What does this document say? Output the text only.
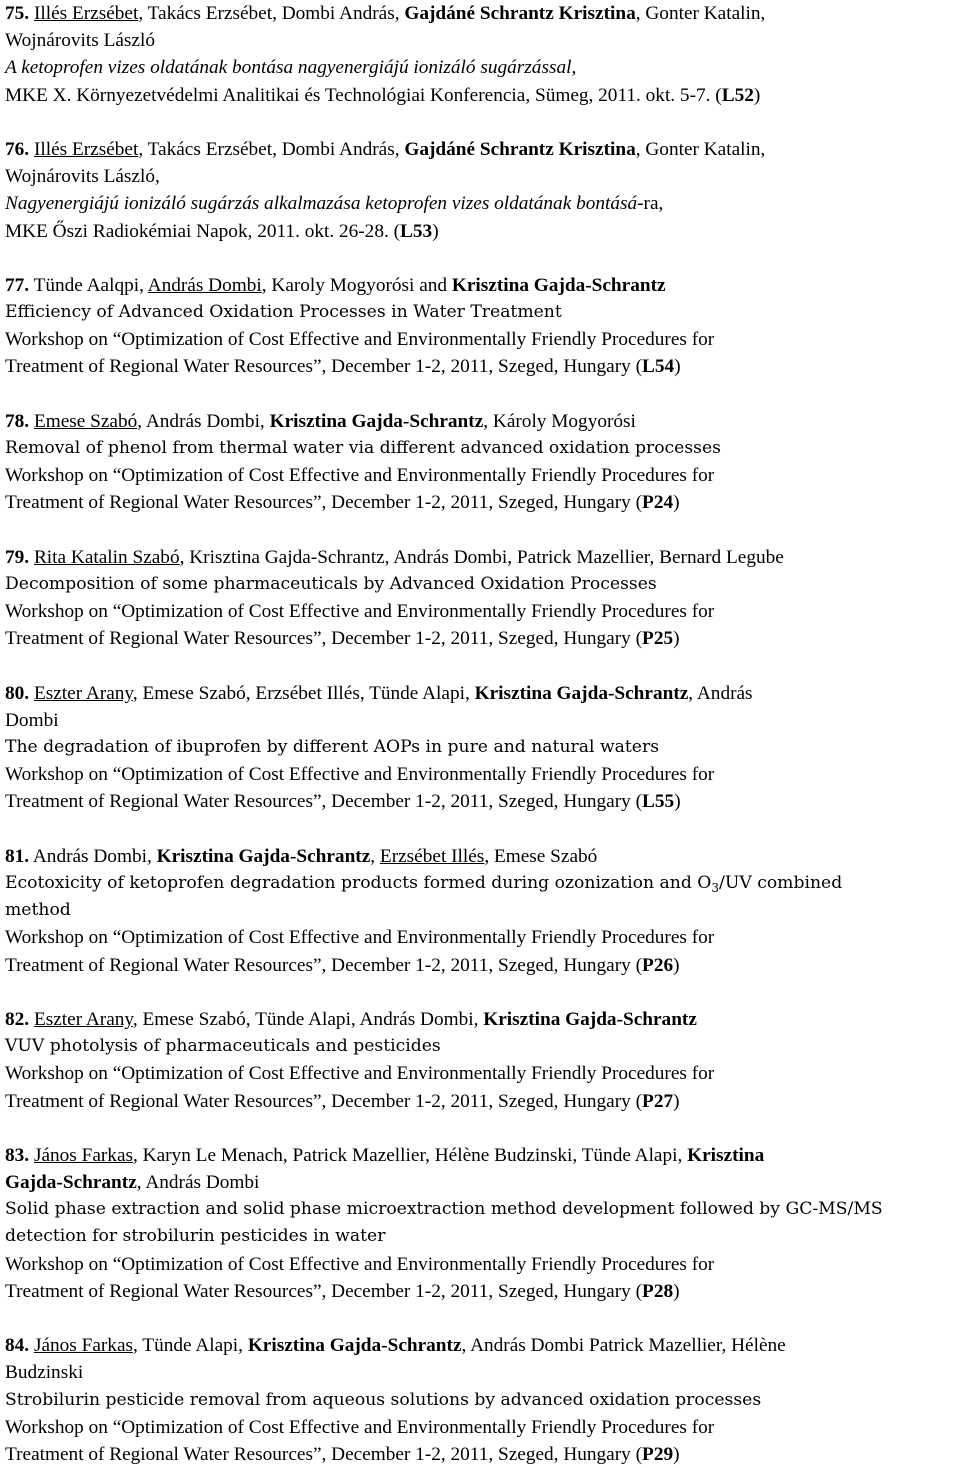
75. Illés Erzsébet, Takács Erzsébet, Dombi András, Gajdáné Schrantz Krisztina, Gonter Katalin,
Wojnárovits László
A ketoprofen vizes oldatának bontása nagyenergiájú ionizáló sugárzással,
MKE X. Környezetvédelmi Analitikai és Technológiai Konferencia, Sümeg, 2011. okt. 5-7. (L52)
76. Illés Erzsébet, Takács Erzsébet, Dombi András, Gajdáné Schrantz Krisztina, Gonter Katalin,
Wojnárovits László,
Nagyenergiájú ionizáló sugárzás alkalmazása ketoprofen vizes oldatának bontásá-ra,
MKE Őszi Radiokémiai Napok, 2011. okt. 26-28. (L53)
77. Tünde Aalqpi, András Dombi, Karoly Mogyorósi and Krisztina Gajda-Schrantz
Efficiency of Advanced Oxidation Processes in Water Treatment
Workshop on “Optimization of Cost Effective and Environmentally Friendly Procedures for
Treatment of Regional Water Resources”, December 1-2, 2011, Szeged, Hungary (L54)
78. Emese Szabó, András Dombi, Krisztina Gajda-Schrantz, Károly Mogyorósi
Removal of phenol from thermal water via different advanced oxidation processes
Workshop on “Optimization of Cost Effective and Environmentally Friendly Procedures for
Treatment of Regional Water Resources”, December 1-2, 2011, Szeged, Hungary (P24)
79. Rita Katalin Szabó, Krisztina Gajda-Schrantz, András Dombi, Patrick Mazellier, Bernard Legube
Decomposition of some pharmaceuticals by Advanced Oxidation Processes
Workshop on “Optimization of Cost Effective and Environmentally Friendly Procedures for
Treatment of Regional Water Resources”, December 1-2, 2011, Szeged, Hungary (P25)
80. Eszter Arany, Emese Szabó, Erzsébet Illés, Tünde Alapi, Krisztina Gajda-Schrantz, András
Dombi
The degradation of ibuprofen by different AOPs in pure and natural waters
Workshop on “Optimization of Cost Effective and Environmentally Friendly Procedures for
Treatment of Regional Water Resources”, December 1-2, 2011, Szeged, Hungary (L55)
81. András Dombi, Krisztina Gajda-Schrantz, Erzsébet Illés, Emese Szabó
Ecotoxicity of ketoprofen degradation products formed during ozonization and $O_3/UV$ combined
method
Workshop on “Optimization of Cost Effective and Environmentally Friendly Procedures for
Treatment of Regional Water Resources”, December 1-2, 2011, Szeged, Hungary (P26)
82. Eszter Arany, Emese Szabó, Tünde Alapi, András Dombi, Krisztina Gajda-Schrantz
VUV photolysis of pharmaceuticals and pesticides
Workshop on “Optimization of Cost Effective and Environmentally Friendly Procedures for
Treatment of Regional Water Resources”, December 1-2, 2011, Szeged, Hungary (P27)
83. János Farkas, Karyn Le Menach, Patrick Mazellier, Hélène Budzinski, Tünde Alapi, Krisztina
Gajda-Schrantz, András Dombi
Solid phase extraction and solid phase microextraction method development followed by GC-MS/MS
detection for strobilurin pesticides in water
Workshop on “Optimization of Cost Effective and Environmentally Friendly Procedures for
Treatment of Regional Water Resources”, December 1-2, 2011, Szeged, Hungary (P28)
84. János Farkas, Tünde Alapi, Krisztina Gajda-Schrantz, András Dombi Patrick Mazellier, Hélène
Budzinski
Strobilurin pesticide removal from aqueous solutions by advanced oxidation processes
Workshop on “Optimization of Cost Effective and Environmentally Friendly Procedures for
Treatment of Regional Water Resources”, December 1-2, 2011, Szeged, Hungary (P29)
